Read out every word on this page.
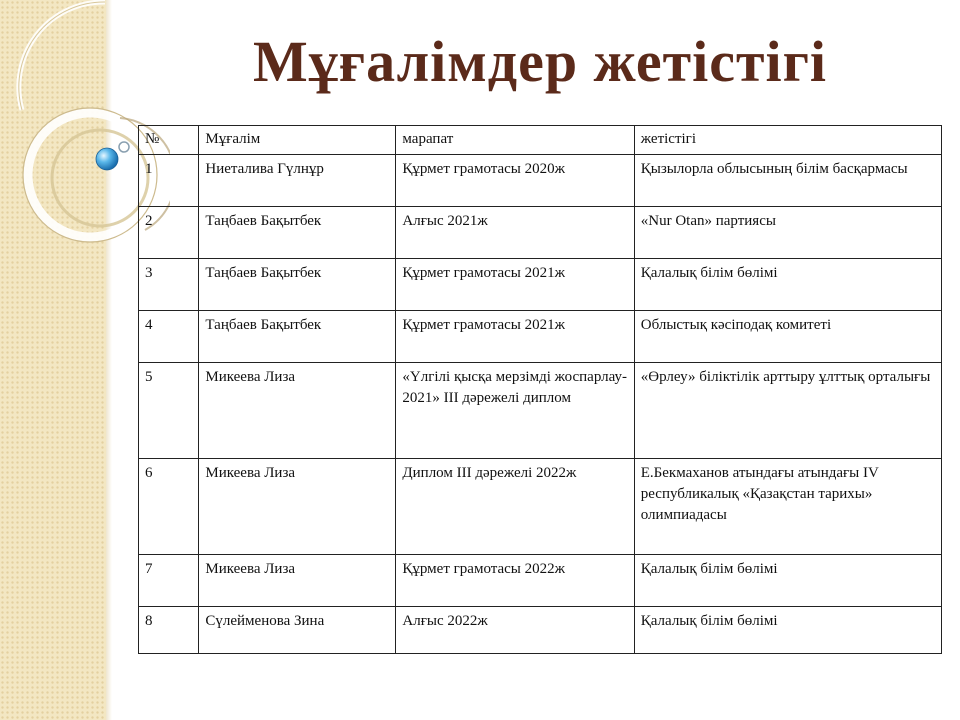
Мұғалімдер жетістігі
№	Мұғалім	марапат	жетістігі
1	Ниеталива Гүлнұр	Құрмет грамотасы 2020ж	Қызылорла облысының білім басқармасы
2	Таңбаев Бақытбек	Алғыс 2021ж	«Nur Otan» партиясы
3	Таңбаев Бақытбек	Құрмет грамотасы 2021ж	Қалалық білім бөлімі
4	Таңбаев Бақытбек	Құрмет грамотасы 2021ж	Облыстық кәсіподақ комитеті
5	Микеева Лиза	«Үлгілі қысқа мерзімді жоспарлау- 2021» III дәрежелі диплом	«Өрлеу» біліктілік арттыру ұлттық орталығы
6	Микеева Лиза	Диплом III дәрежелі 2022ж	Е.Бекмаханов атындағы атындағы IV республикалық «Қазақстан тарихы» олимпиадасы
7	Микеева Лиза	Құрмет грамотасы 2022ж	Қалалық білім бөлімі
8	Сүлейменова Зина	Алғыс 2022ж	Қалалық білім бөлімі
